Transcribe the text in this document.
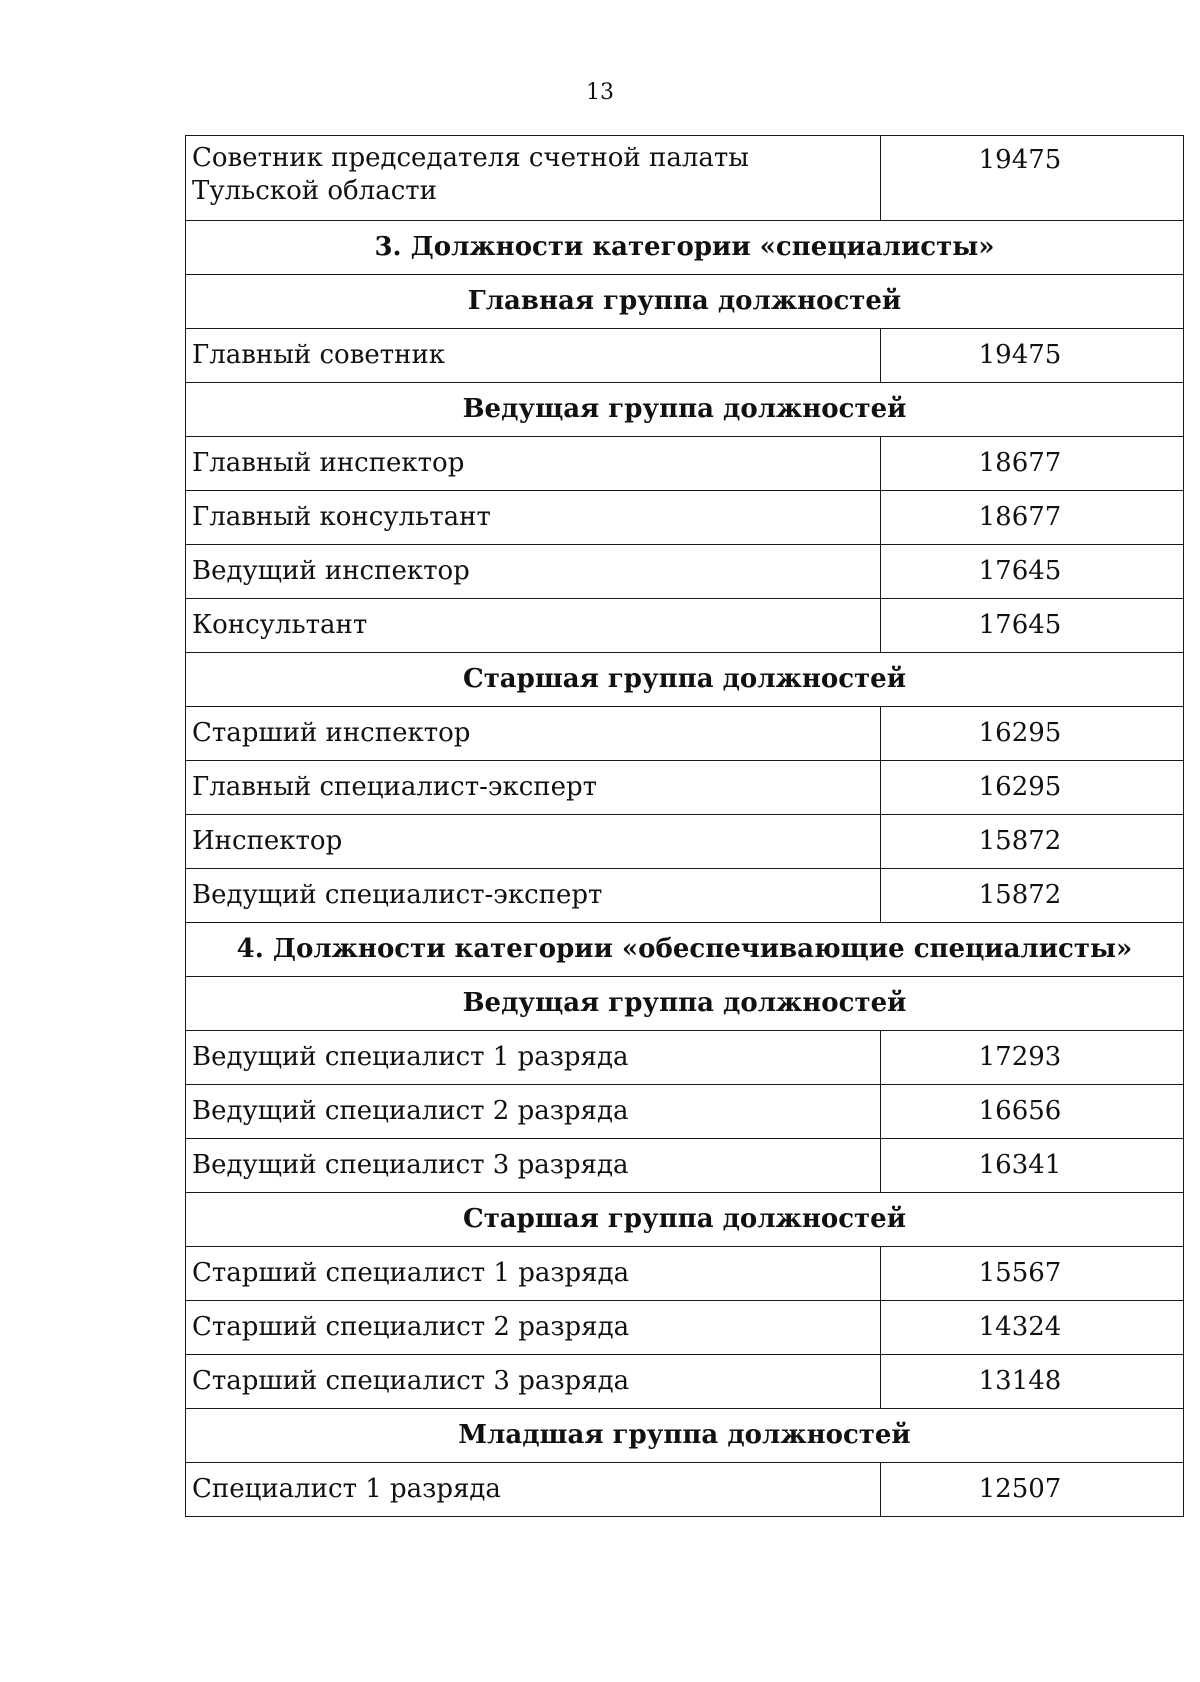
13
Советник председателя счетной палаты Тульской области	19475
3. Должности категории «специалисты»	
Главная группа должностей	
Главный советник	19475
Ведущая группа должностей	
Главный инспектор	18677
Главный консультант	18677
Ведущий инспектор	17645
Консультант	17645
Старшая группа должностей	
Старший инспектор	16295
Главный специалист-эксперт	16295
Инспектор	15872
Ведущий специалист-эксперт	15872
4. Должности категории «обеспечивающие специалисты»	
Ведущая группа должностей	
Ведущий специалист 1 разряда	17293
Ведущий специалист 2 разряда	16656
Ведущий специалист 3 разряда	16341
Старшая группа должностей	
Старший специалист 1 разряда	15567
Старший специалист 2 разряда	14324
Старший специалист 3 разряда	13148
Младшая группа должностей	
Специалист 1 разряда	12507
